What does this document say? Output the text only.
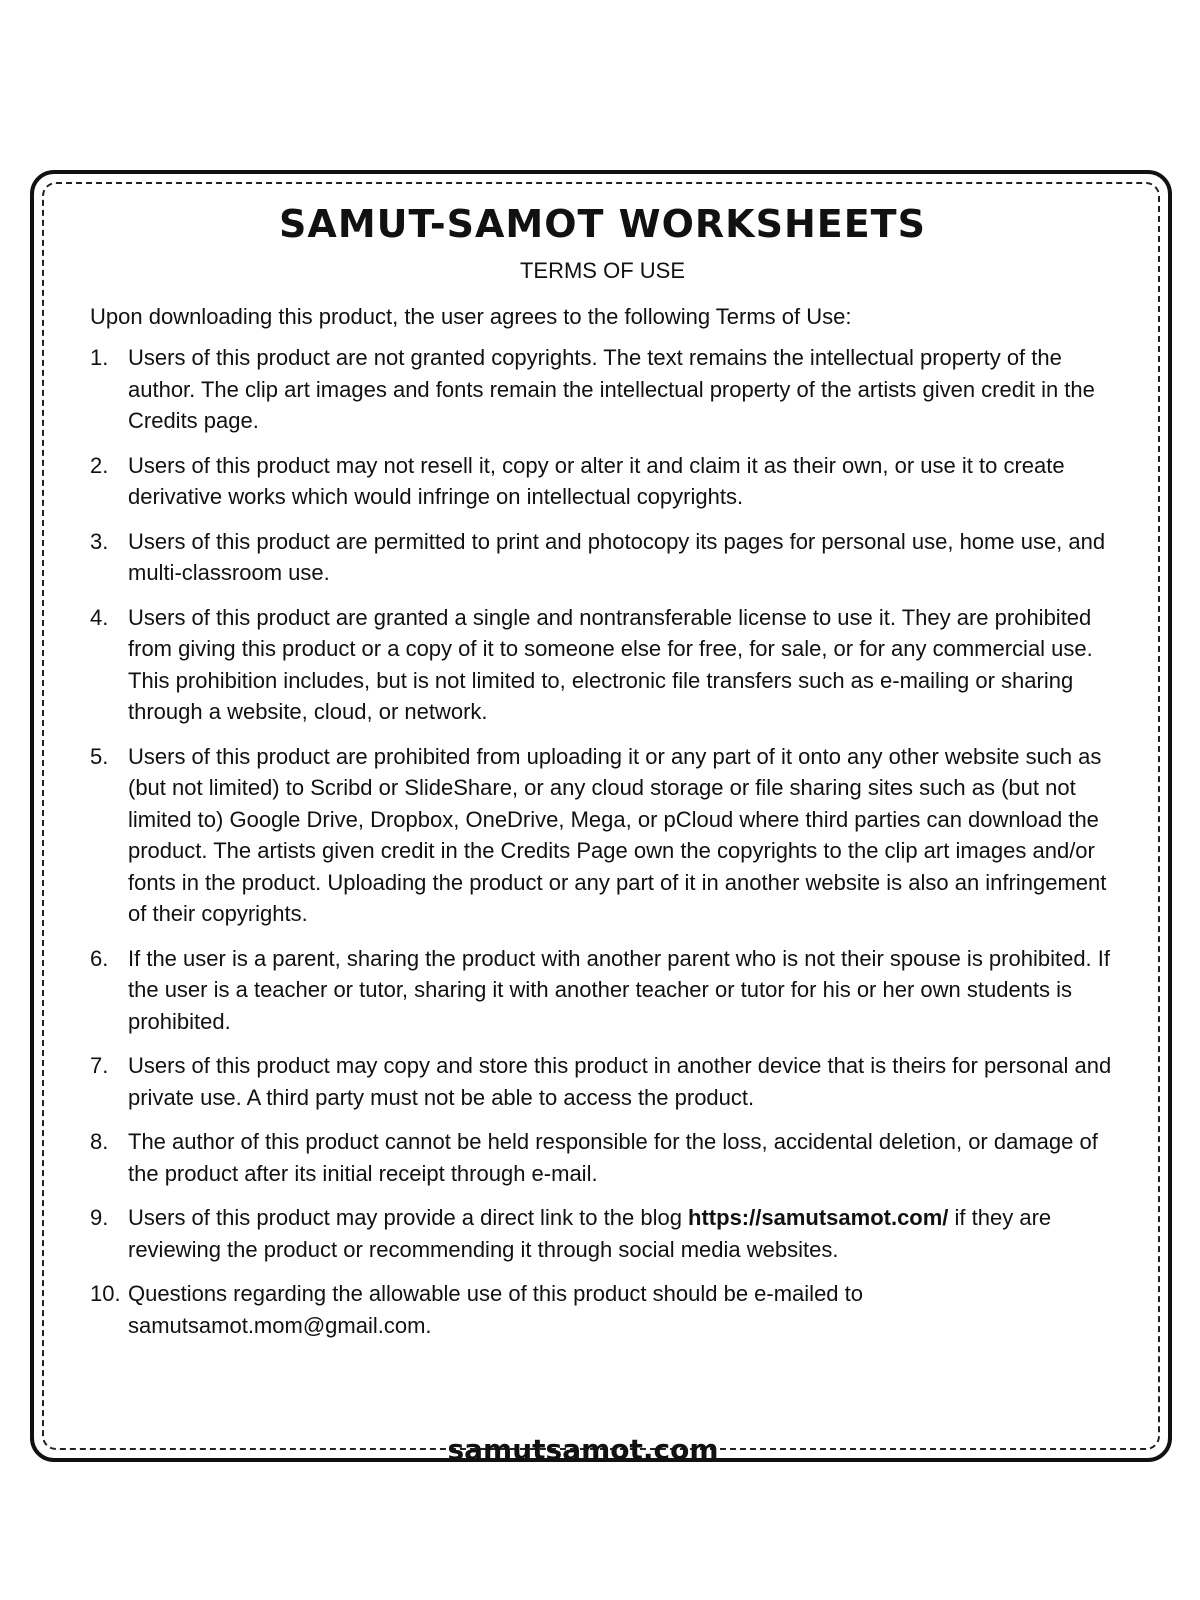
SAMUT-SAMOT WORKSHEETS
TERMS OF USE

Upon downloading this product, the user agrees to the following Terms of Use:

1. Users of this product are not granted copyrights. The text remains the intellectual property of the author. The clip art images and fonts remain the intellectual property of the artists given credit in the Credits page.
2. Users of this product may not resell it, copy or alter it and claim it as their own, or use it to create derivative works which would infringe on intellectual copyrights.
3. Users of this product are permitted to print and photocopy its pages for personal use, home use, and multi-classroom use.
4. Users of this product are granted a single and nontransferable license to use it. They are prohibited from giving this product or a copy of it to someone else for free, for sale, or for any commercial use. This prohibition includes, but is not limited to, electronic file transfers such as e-mailing or sharing through a website, cloud, or network.
5. Users of this product are prohibited from uploading it or any part of it onto any other website such as (but not limited) to Scribd or SlideShare, or any cloud storage or file sharing sites such as (but not limited to) Google Drive, Dropbox, OneDrive, Mega, or pCloud where third parties can download the product. The artists given credit in the Credits Page own the copyrights to the clip art images and/or fonts in the product. Uploading the product or any part of it in another website is also an infringement of their copyrights.
6. If the user is a parent, sharing the product with another parent who is not their spouse is prohibited. If the user is a teacher or tutor, sharing it with another teacher or tutor for his or her own students is prohibited.
7. Users of this product may copy and store this product in another device that is theirs for personal and private use. A third party must not be able to access the product.
8. The author of this product cannot be held responsible for the loss, accidental deletion, or damage of the product after its initial receipt through e-mail.
9. Users of this product may provide a direct link to the blog https://samutsamot.com/ if they are reviewing the product or recommending it through social media websites.
10. Questions regarding the allowable use of this product should be e-mailed to samutsamot.mom@gmail.com.
samutsamot.com
